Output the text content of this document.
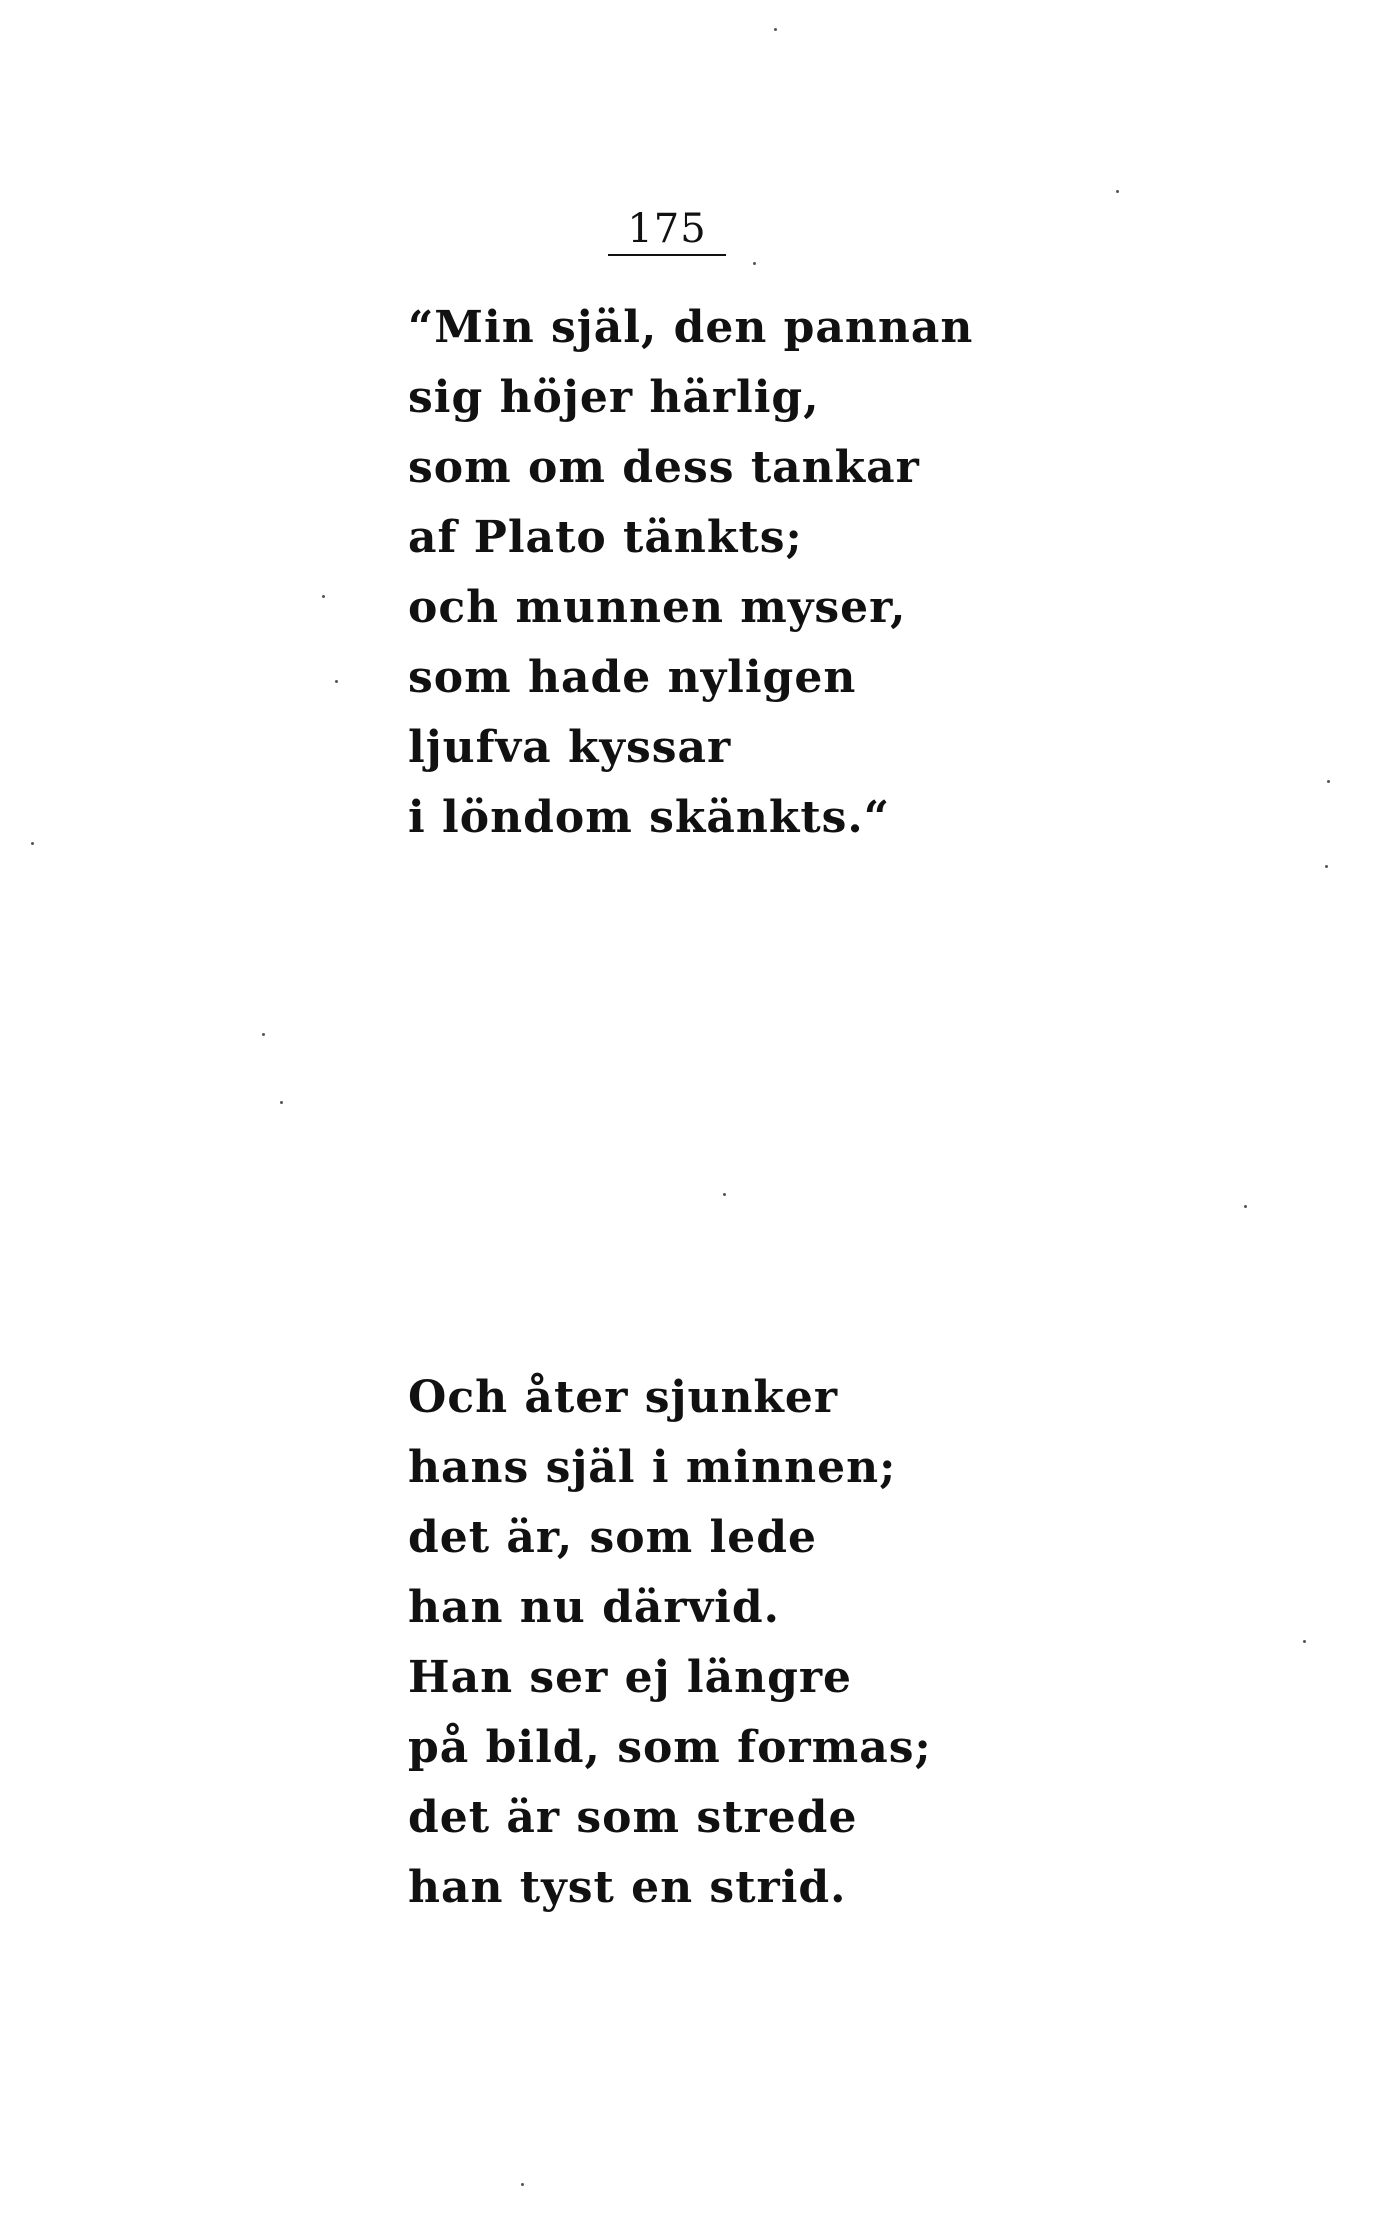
175
“Min själ, den pannan
sig höjer härlig,
som om dess tankar
af Plato tänkts;
och munnen myser,
som hade nyligen
ljufva kyssar
i löndom skänkts.“
Och åter sjunker
hans själ i minnen;
det är, som lede
han nu därvid.
Han ser ej längre
på bild, som formas;
det är som strede
han tyst en strid.
